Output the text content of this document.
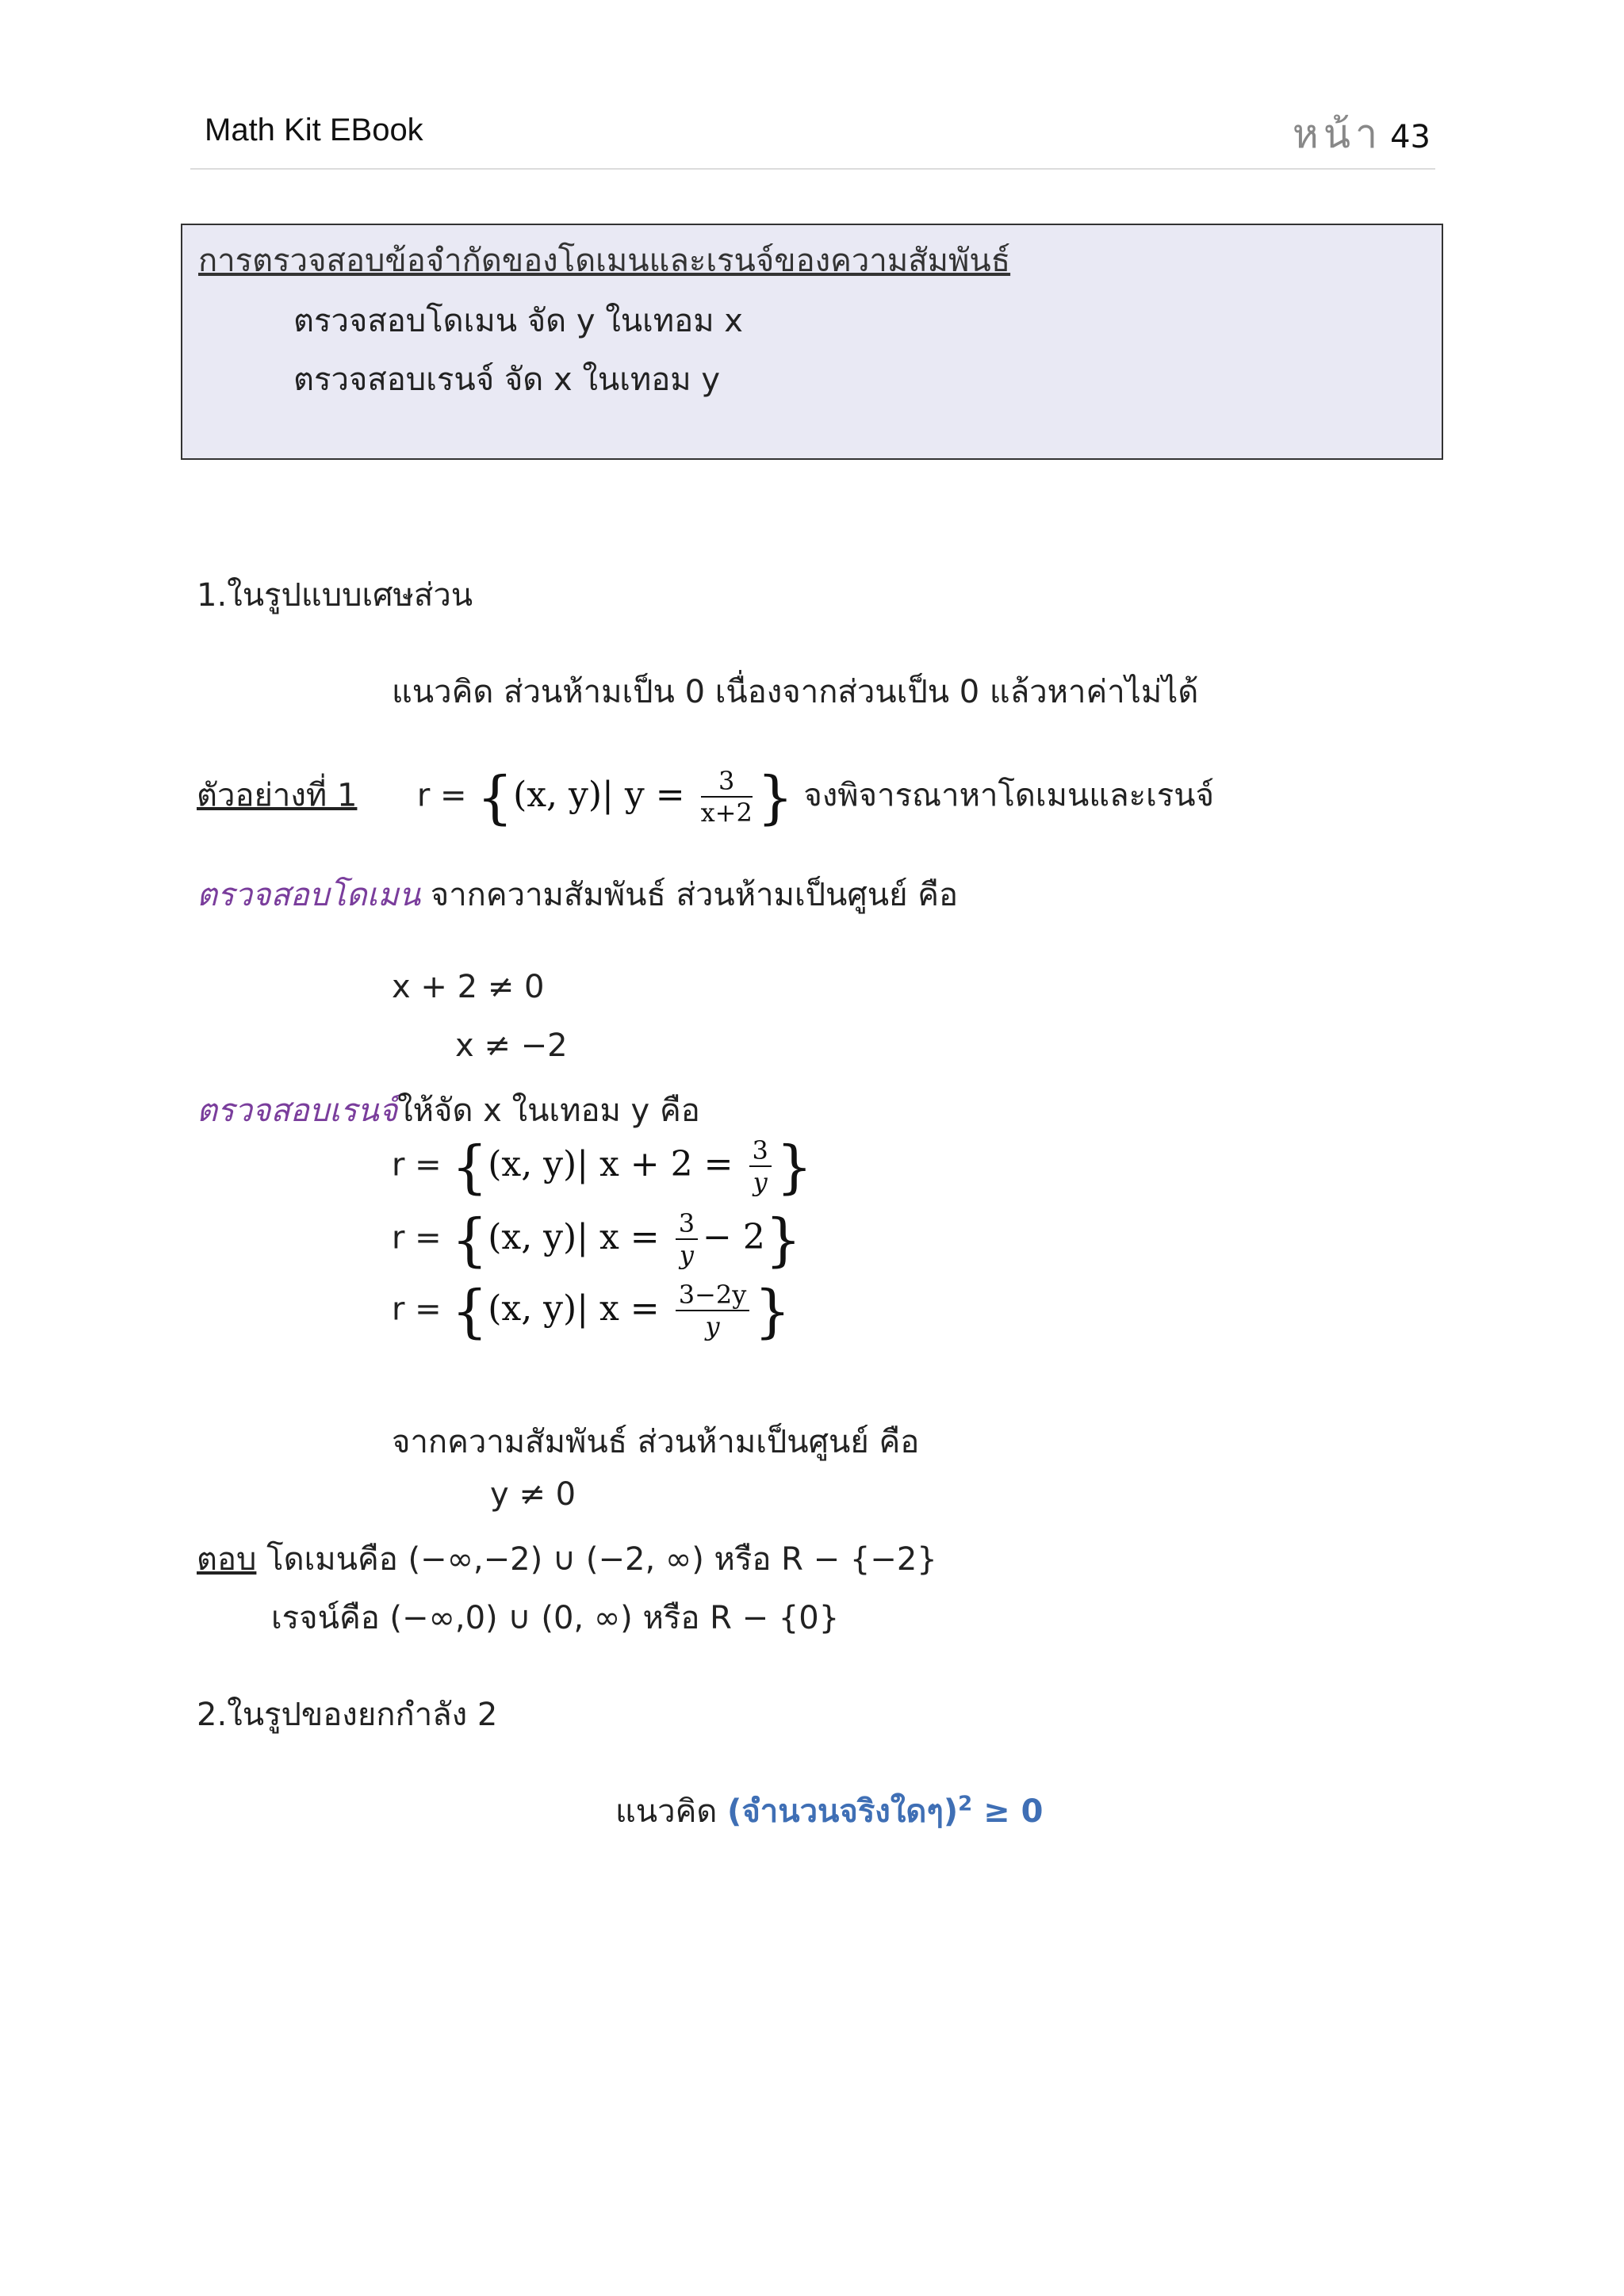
Math Kit EBook	หน้า 43
การตรวจสอบข้อจำกัดของโดเมนและเรนจ์ของความสัมพันธ์
ตรวจสอบโดเมน จัด y ในเทอม x
ตรวจสอบเรนจ์ จัด x ในเทอม y
1.ในรูปแบบเศษส่วน
แนวคิด ส่วนห้ามเป็น 0 เนื่องจากส่วนเป็น 0 แล้วหาค่าไม่ได้
ตัวอย่างที่ 1 r = {(x, y)| $y = \frac{3}{x+2}$ } จงพิจารณาหาโดเมนและเรนจ์
ตรวจสอบโดเมน จากความสัมพันธ์ ส่วนห้ามเป็นศูนย์ คือ
x + 2 ≠ 0
x ≠ −2
ตรวจสอบเรนจ์ให้จัด x ในเทอม y คือ
r = {(x, y)| $x + 2 = \frac{3}{y}$ }
r = {(x, y)| $x = \frac{3}{y} - 2$}
r = {(x, y)| $x = \frac{3-2y}{y}$ }
จากความสัมพันธ์ ส่วนห้ามเป็นศูนย์ คือ
y ≠ 0
ตอบ โดเมนคือ (−∞,−2) ∪ (−2, ∞) หรือ R − {−2}
เรจน์คือ (−∞,0) ∪ (0, ∞) หรือ R − {0}
2.ในรูปของยกกำลัง 2
แนวคิด (จำนวนจริงใดๆ)$^2$ ≥ 0
